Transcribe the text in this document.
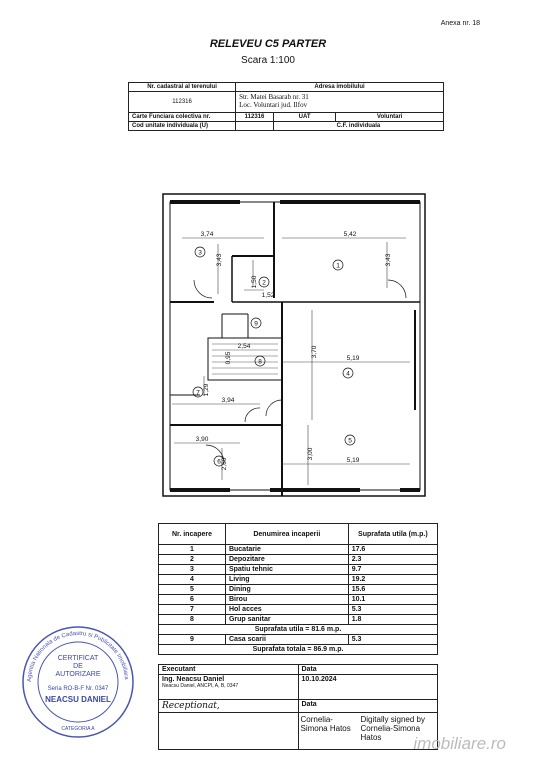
Anexa nr. 18
RELEVEU C5 PARTER
Scara 1:100
Nr. cadastral al terenului	Adresa imobilului		
112316	Str. Matei Basarab nr. 31
Loc. Voluntari jud. Ilfov		

Carte Funciara colectiva nr.	112316	UAT	Voluntari
Cod unitate individuala (U)		C.F. individuala	
3,74	5,42
3,43
3,43
1,50
1,52
2,54	3,70
5,19
1,29
3,94
3,90
2,60
3,00
5,19
0,95
3
1
2
9
8
4
7
5
6
Nr. incapere	Denumirea incaperii	Suprafata utila (m.p.)
1	Bucatarie	17.6
2	Depozitare	2.3
3	Spatiu tehnic	9.7
4	Living	19.2
5	Dining	15.6
6	Birou	10.1
7	Hol acces	5.3
8	Grup sanitar	1.8
Suprafata utila = 81.6 m.p.		
9	Casa scarii	5.3
Suprafata totala = 86.9 m.p.		
Executant	Data

Ing. Neacsu Daniel
Neacsu Daniel, ANCPI, A, B, 0347	10.10.2024
Receptionat,	Data

	Cornelia-
Simona Hatos
Digitally signed by Cornelia-Simona Hatos
Agentia Nationala de Cadastru si Publicitate Imobiliara
CERTIFICAT
DE
AUTORIZARE
Seria RO-B-F Nr. 0347
NEACSU DANIEL
CATEGORIA A
imobiliare.ro
